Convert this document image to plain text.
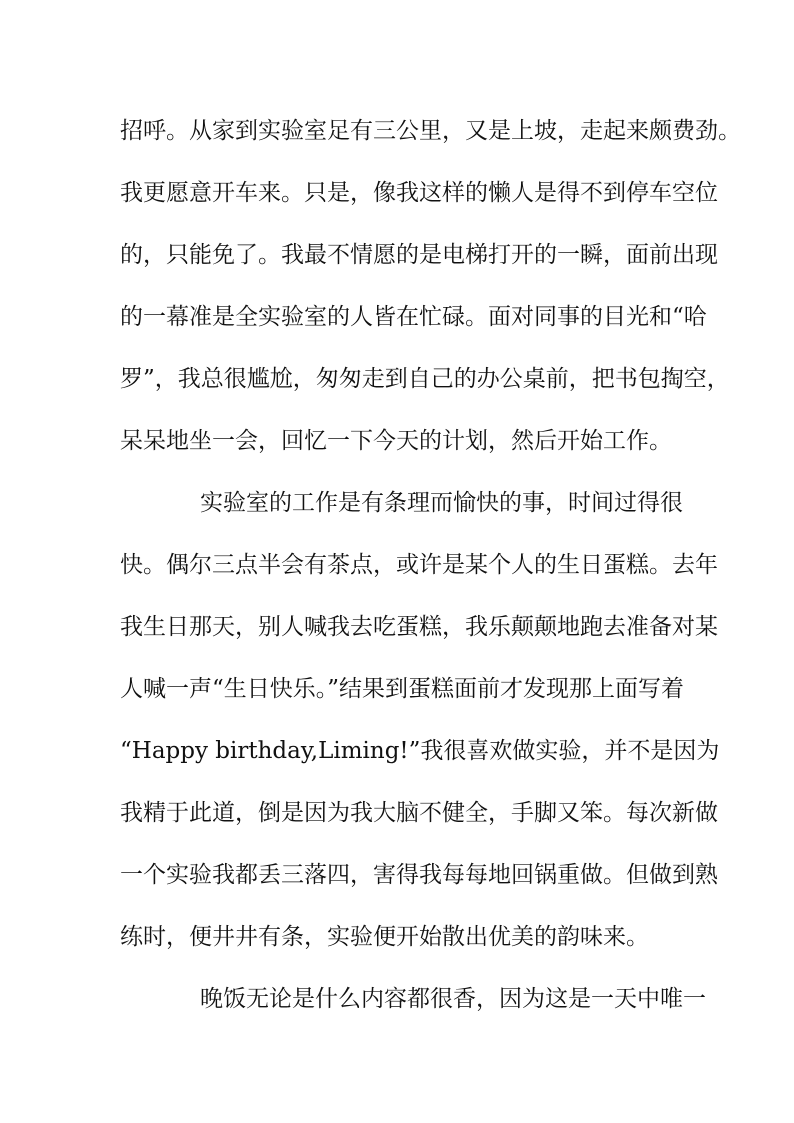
招呼。从家到实验室足有三公里，又是上坡，走起来颇费劲。

我更愿意开车来。只是，像我这样的懒人是得不到停车空位

的，只能免了。我最不情愿的是电梯打开的一瞬，面前出现

的一幕准是全实验室的人皆在忙碌。面对同事的目光和“哈

罗”，我总很尴尬，匆匆走到自己的办公桌前，把书包掏空，

呆呆地坐一会，回忆一下今天的计划，然后开始工作。

实验室的工作是有条理而愉快的事，时间过得很

快。偶尔三点半会有茶点，或许是某个人的生日蛋糕。去年

我生日那天，别人喊我去吃蛋糕，我乐颠颠地跑去准备对某

人喊一声“生日快乐。”结果到蛋糕面前才发现那上面写着

“Happy birthday,Liming!”我很喜欢做实验，并不是因为

我精于此道，倒是因为我大脑不健全，手脚又笨。每次新做

一个实验我都丢三落四，害得我每每地回锅重做。但做到熟

练时，便井井有条，实验便开始散出优美的韵味来。

晚饭无论是什么内容都很香，因为这是一天中唯一
